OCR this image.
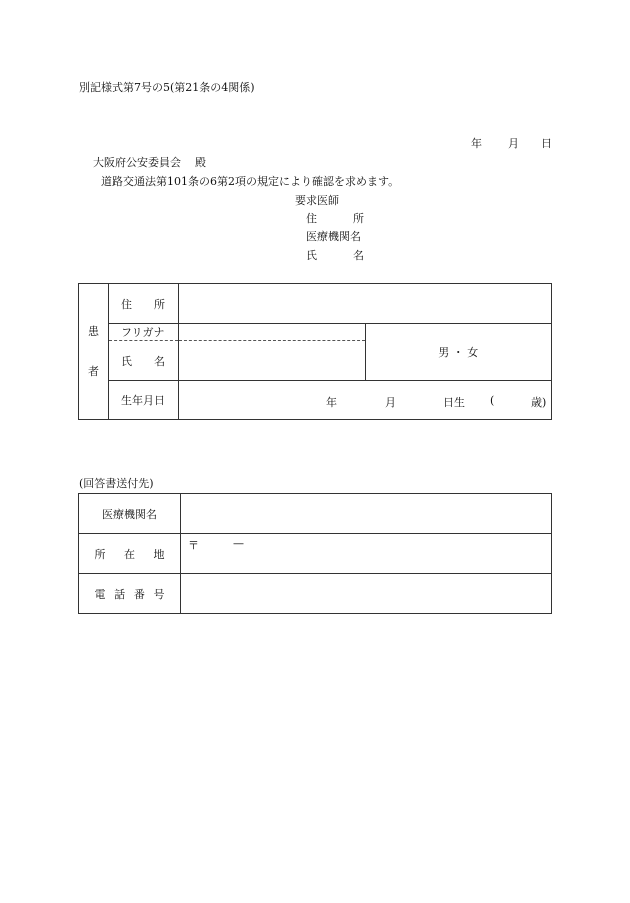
別記様式第7号の5(第21条の4関係)
年 月 日
大阪府公安委員会 殿
道路交通法第101条の6第2項の規定により確認を求めます。
要求医師
住　所
医療機関名
氏　名
患
者	住　所		
	フリガナ		男 ・ 女
	氏　名		
	生年月日	年 月 日生 ( 歳)	
(回答書送付先)
医療機関名	
所在地	〒 —

電話番号	
